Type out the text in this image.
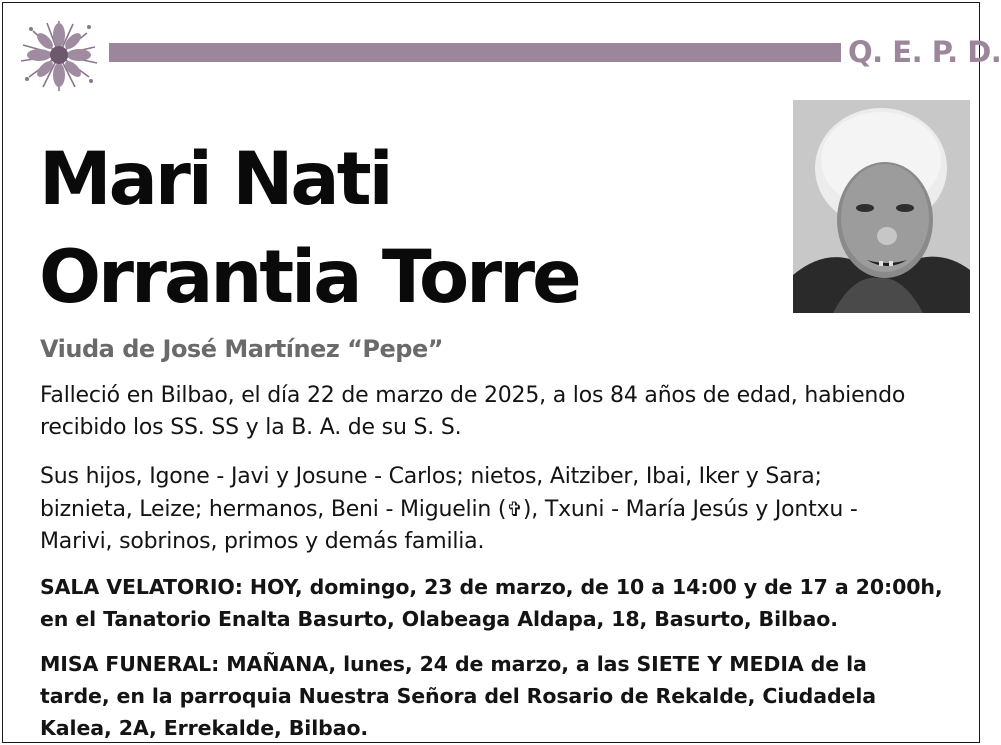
Q. E. P. D.
Mari Nati
Orrantia Torre
Viuda de José Martínez “Pepe”
Falleció en Bilbao, el día 22 de marzo de 2025, a los 84 años de edad, habiendo
recibido los SS. SS y la B. A. de su S. S.
Sus hijos, Igone - Javi y Josune - Carlos; nietos, Aitziber, Ibai, Iker y Sara;
biznieta, Leize; hermanos, Beni - Miguelin (✞), Txuni - María Jesús y Jontxu -
Marivi, sobrinos, primos y demás familia.
SALA VELATORIO: HOY, domingo, 23 de marzo, de 10 a 14:00 y de 17 a 20:00h,
en el Tanatorio Enalta Basurto, Olabeaga Aldapa, 18, Basurto, Bilbao.
MISA FUNERAL: MAÑANA, lunes, 24 de marzo, a las SIETE Y MEDIA de la
tarde, en la parroquia Nuestra Señora del Rosario de Rekalde, Ciudadela
Kalea, 2A, Errekalde, Bilbao.
